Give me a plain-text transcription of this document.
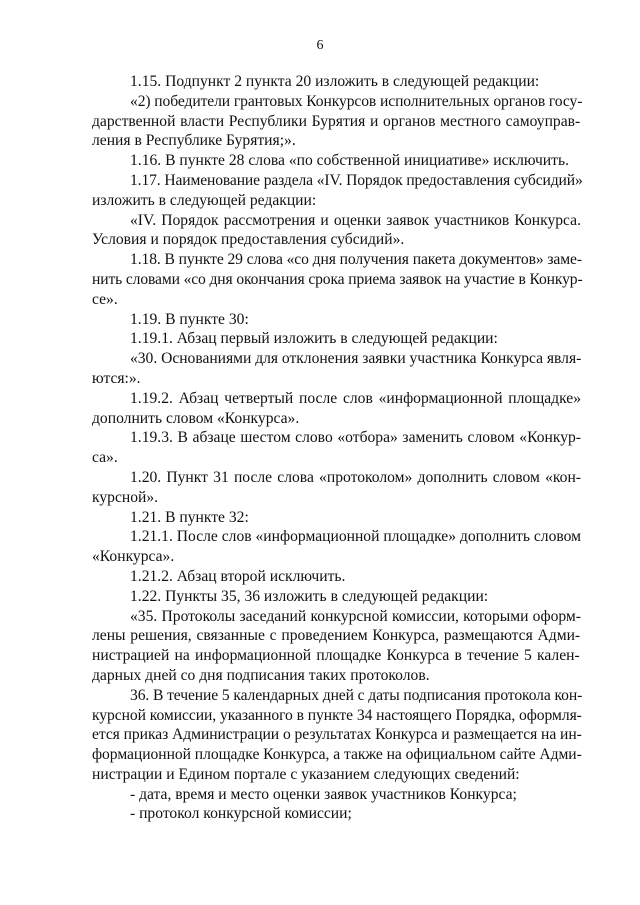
6
1.15. Подпункт 2 пункта 20 изложить в следующей редакции:
«2) победители грантовых Конкурсов исполнительных органов госу-
дарственной власти Республики Бурятия и органов местного самоуправ-
ления в Республике Бурятия;».
1.16. В пункте 28 слова «по собственной инициативе» исключить.
1.17. Наименование раздела «IV. Порядок предоставления субсидий»
изложить в следующей редакции:
«IV. Порядок рассмотрения и оценки заявок участников Конкурса.
Условия и порядок предоставления субсидий».
1.18. В пункте 29 слова «со дня получения пакета документов» заме-
нить словами «со дня окончания срока приема заявок на участие в Конкур-
се».
1.19. В пункте 30:
1.19.1. Абзац первый изложить в следующей редакции:
«30. Основаниями для отклонения заявки участника Конкурса явля-
ются:».
1.19.2. Абзац четвертый после слов «информационной площадке»
дополнить словом «Конкурса».
1.19.3. В абзаце шестом слово «отбора» заменить словом «Конкур-
са».
1.20. Пункт 31 после слова «протоколом» дополнить словом «кон-
курсной».
1.21. В пункте 32:
1.21.1. После слов «информационной площадке» дополнить словом
«Конкурса».
1.21.2. Абзац второй исключить.
1.22. Пункты 35, 36 изложить в следующей редакции:
«35. Протоколы заседаний конкурсной комиссии, которыми оформ-
лены решения, связанные с проведением Конкурса, размещаются Адми-
нистрацией на информационной площадке Конкурса в течение 5 кален-
дарных дней со дня подписания таких протоколов.
36. В течение 5 календарных дней с даты подписания протокола кон-
курсной комиссии, указанного в пункте 34 настоящего Порядка, оформля-
ется приказ Администрации о результатах Конкурса и размещается на ин-
формационной площадке Конкурса, а также на официальном сайте Адми-
нистрации и Едином портале с указанием следующих сведений:
- дата, время и место оценки заявок участников Конкурса;
- протокол конкурсной комиссии;
